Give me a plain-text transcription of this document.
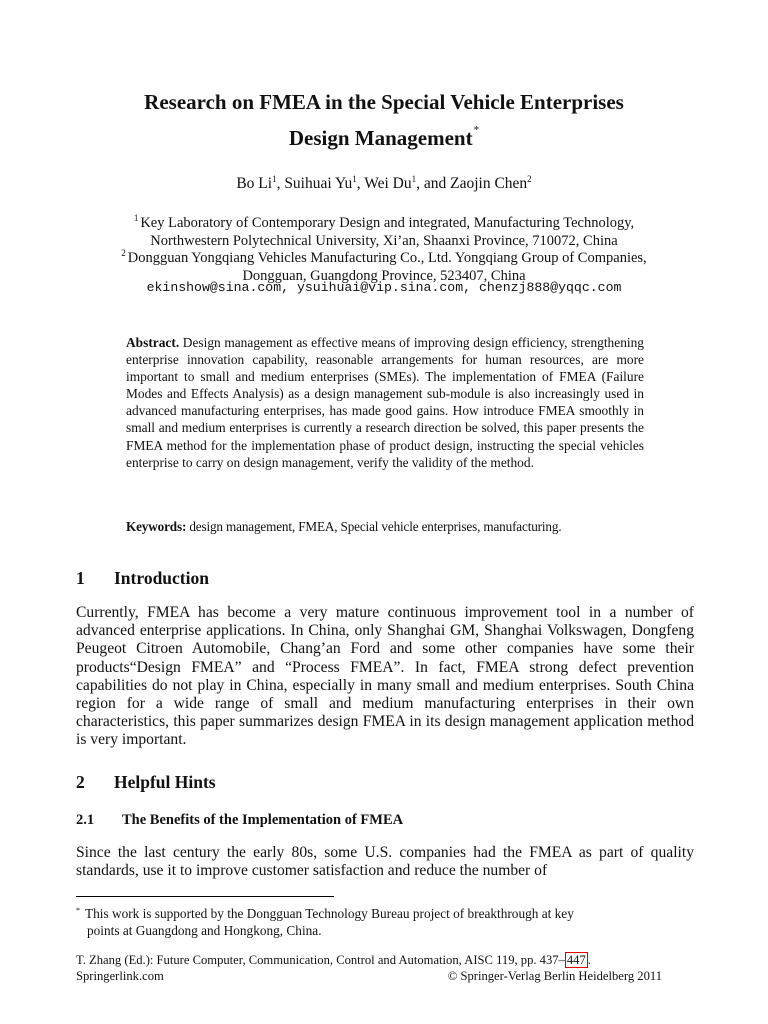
Research on FMEA in the Special Vehicle Enterprises
Design Management*
Bo Li$^1$, Suihuai Yu$^1$, Wei Du$^1$, and Zaojin Chen$^2$
$^1$ Key Laboratory of Contemporary Design and integrated, Manufacturing Technology,
Northwestern Polytechnical University, Xi’an, Shaanxi Province, 710072, China
$^2$ Dongguan Yongqiang Vehicles Manufacturing Co., Ltd. Yongqiang Group of Companies,
Dongguan, Guangdong Province, 523407, China
ekinshow@sina.com, ysuihuai@vip.sina.com, chenzj888@yqqc.com
Abstract. Design management as effective means of improving design efficiency, strengthening enterprise innovation capability, reasonable arrangements for human resources, are more important to small and medium enterprises (SMEs). The implementation of FMEA (Failure Modes and Effects Analysis) as a design management sub-module is also increasingly used in advanced manufacturing enterprises, has made good gains. How introduce FMEA smoothly in small and medium enterprises is currently a research direction be solved, this paper presents the FMEA method for the implementation phase of product design, instructing the special vehicles enterprise to carry on design management, verify the validity of the method.
Keywords: design management, FMEA, Special vehicle enterprises, manufacturing.
1 Introduction
Currently, FMEA has become a very mature continuous improvement tool in a number of advanced enterprise applications. In China, only Shanghai GM, Shanghai Volkswagen, Dongfeng Peugeot Citroen Automobile, Chang’an Ford and some other companies have some their products“Design FMEA” and “Process FMEA”. In fact, FMEA strong defect prevention capabilities do not play in China, especially in many small and medium enterprises. South China region for a wide range of small and medium manufacturing enterprises in their own characteristics, this paper summarizes design FMEA in its design management application method is very important.
2 Helpful Hints
2.1 The Benefits of the Implementation of FMEA
Since the last century the early 80s, some U.S. companies had the FMEA as part of quality standards, use it to improve customer satisfaction and reduce the number of
* This work is supported by the Dongguan Technology Bureau project of breakthrough at key
points at Guangdong and Hongkong, China.
T. Zhang (Ed.): Future Computer, Communication, Control and Automation, AISC 119, pp. 437– 447 .
Springerlink.com	© Springer-Verlag Berlin Heidelberg 2011
